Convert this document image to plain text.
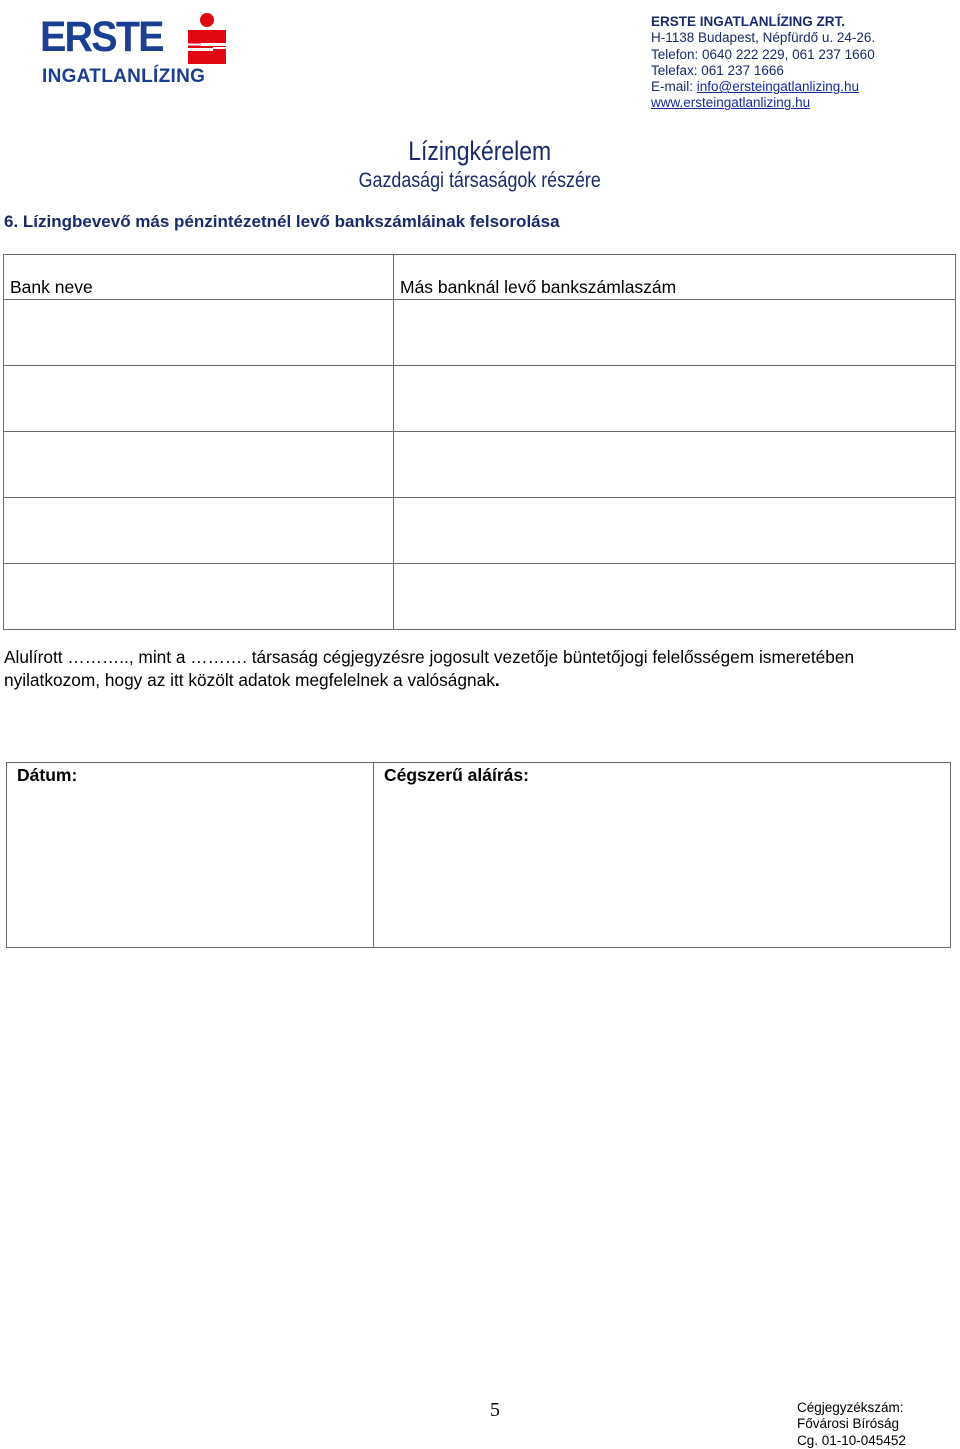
ERSTE
INGATLANLÍZING
ERSTE INGATLANLÍZING ZRT.
H-1138 Budapest, Népfürdő u. 24-26.
Telefon: 0640 222 229, 061 237 1660
Telefax: 061 237 1666
E-mail: info@ersteingatlanlizing.hu
www.ersteingatlanlizing.hu
Lízingkérelem
Gazdasági társaságok részére
6. Lízingbevevő más pénzintézetnél levő bankszámláinak felsorolása
Bank neve	Más banknál levő bankszámlaszám

Alulírott ……….., mint a ………. társaság cégjegyzésre jogosult vezetője büntetőjogi felelősségem ismeretében nyilatkozom, hogy az itt közölt adatok megfelelnek a valóságnak.
Dátum:	Cégszerű aláírás:
5	Cégjegyzékszám:
Fővárosi Bíróság
Cg. 01-10-045452
